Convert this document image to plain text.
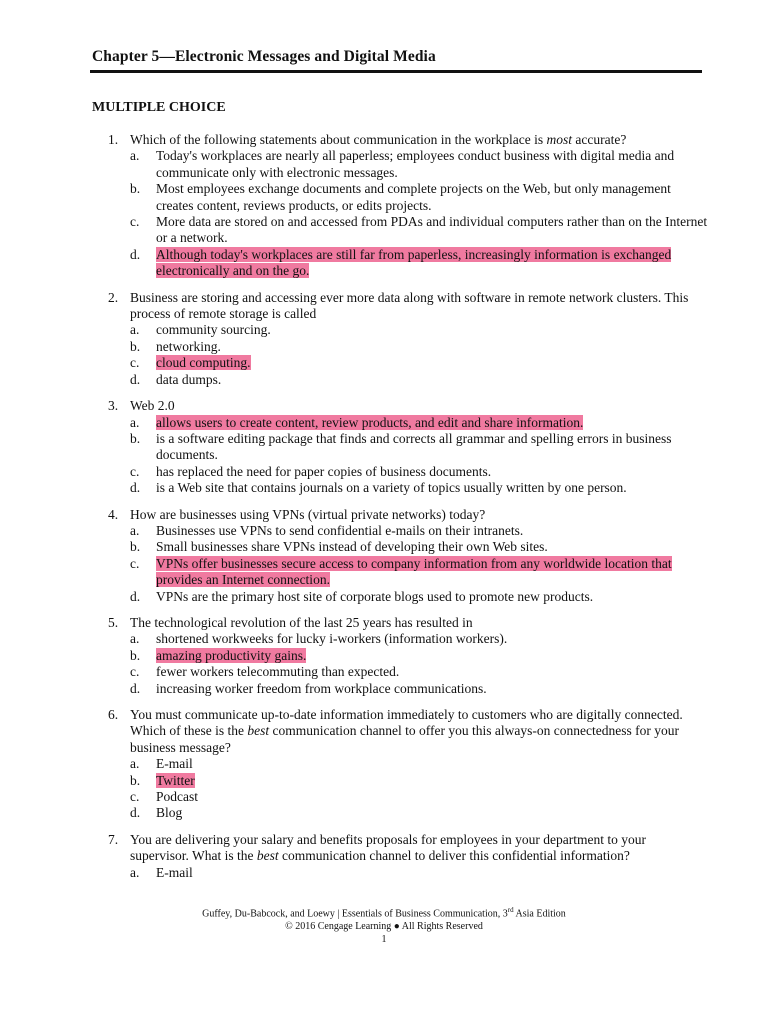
Chapter 5—Electronic Messages and Digital Media
MULTIPLE CHOICE
1. Which of the following statements about communication in the workplace is most accurate?
a.	Today's workplaces are nearly all paperless; employees conduct business with digital media and communicate only with electronic messages.
b.	Most employees exchange documents and complete projects on the Web, but only management creates content, reviews products, or edits projects.
c.	More data are stored on and accessed from PDAs and individual computers rather than on the Internet or a network.
d.	Although today's workplaces are still far from paperless, increasingly information is exchanged electronically and on the go.
2. Business are storing and accessing ever more data along with software in remote network clusters. This process of remote storage is called
a.	community sourcing.
b.	networking.
c.	cloud computing.
d.	data dumps.
3. Web 2.0
a.	allows users to create content, review products, and edit and share information.
b.	is a software editing package that finds and corrects all grammar and spelling errors in business documents.
c.	has replaced the need for paper copies of business documents.
d.	is a Web site that contains journals on a variety of topics usually written by one person.
4. How are businesses using VPNs (virtual private networks) today?
a.	Businesses use VPNs to send confidential e-mails on their intranets.
b.	Small businesses share VPNs instead of developing their own Web sites.
c.	VPNs offer businesses secure access to company information from any worldwide location that provides an Internet connection.
d.	VPNs are the primary host site of corporate blogs used to promote new products.
5. The technological revolution of the last 25 years has resulted in
a.	shortened workweeks for lucky i-workers (information workers).
b.	amazing productivity gains.
c.	fewer workers telecommuting than expected.
d.	increasing worker freedom from workplace communications.
6. You must communicate up-to-date information immediately to customers who are digitally connected. Which of these is the best communication channel to offer you this always-on connectedness for your business message?
a.	E-mail
b.	Twitter
c.	Podcast
d.	Blog
7. You are delivering your salary and benefits proposals for employees in your department to your supervisor. What is the best communication channel to deliver this confidential information?
a.	E-mail
Guffey, Du-Babcock, and Loewy | Essentials of Business Communication, 3rd Asia Edition
© 2016 Cengage Learning ● All Rights Reserved
1
